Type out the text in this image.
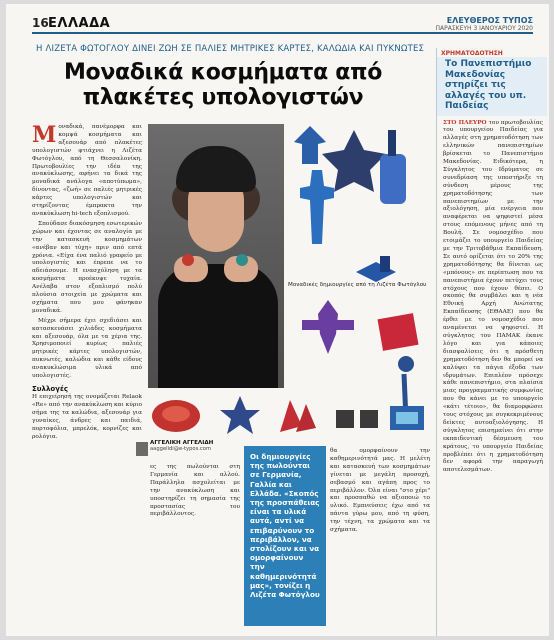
16 ΕΛΛΑΔΑ	ΕΛΕΥΘΕΡΟΣ ΤΥΠΟΣ
ΠΑΡΑΣΚΕΥΗ 3 ΙΑΝΟΥΑΡΙΟΥ 2020
Η ΛΙΖΕΤΑ ΦΩΤΟΓΛΟΥ ΔΙΝΕΙ ΖΩΗ ΣΕ ΠΑΛΙΕΣ ΜΗΤΡΙΚΕΣ ΚΑΡΤΕΣ, ΚΑΛΩΔΙΑ ΚΑΙ ΠΥΚΝΩΤΕΣ
Μοναδικά κοσμήματα από πλακέτες υπολογιστών

Μοναδικά, πανέμορφα και κομψά κοσμήματα και αξεσουάρ από πλακέτες υπολογιστών φτιάχνει η Λιζέτα Φωτόγλου, από τη Θεσσαλονίκη. Πρωτοβουλίες την ιδέα της ανακύκλωσης, αφήνει τα δικά της μοναδικά ανάλογα «αποτύπωμα», δίνοντας, «ζωή» σε παλιές μητρικές κάρτες υπολογιστών και στηρίζοντας έμπρακτα την ανακύκλωση hi-tech εξοπλισμού.

Σπούδασε διακόσμηση εσωτερικών χώρων και έχοντας σε αναλογία με την κατασκευή κοσμημάτων «ανέβαν και τύχη» πριν από επτά χρόνια. «Είχα ένα παλιό γραφείο με υπολογιστές και έπρεπε να το αδειάσουμε. Η ενασχόληση με τα κοσμήματα προέκυψε τυχαία. Ανέλαβα στον εξοπλισμό πολύ πλούσια στοιχεία με χρώματα και σχήματα που μου φάνηκαν μοναδικά.

Μέχρι σήμερα έχει σχεδιάσει και κατασκευάσει χιλιάδες κοσμήματα και αξεσουάρ, όλα με τα χέρια της. Χρησιμοποιεί κυρίως παλιές μητρικές κάρτες υπολογιστών, πυκνωτές, καλώδια και κάθε είδους ανακυκλώσιμα υλικά από υπολογιστές.

Συλλογές

Η επιχείρησή της ονομάζεται Relaok «Re» από την ανακύκλωση και κύριο σήμα της τα καλώδια, αξεσουάρ για γυναίκες, άνδρες και παιδιά, πορτοφόλια, μπρελόκ, κορνίζες και ρολόγια.

Μοναδικές δημιουργίες από τη Λιζέτα Φωτόγλου
ΑΓΓΕΛΙΚΗ ΑΓΓΕΛΙΔΗ
aaggelidi@e-typos.com

ες της πωλούνται στη Γερμανία και αλλού. Παράλληλα ασχολείται με την ανακύκλωση και υποστηρίζει τη σημασία της προστασίας του περιβάλλοντος.

Οι δημιουργίες της πωλούνται σε Γερμανία, Γαλλία και Ελλάδα. «Σκοπός της προσπάθειας είναι τα υλικά αυτά, αντί να επιβαρύνουν το περιβάλλον, να στολίζουν και να ομορφαίνουν την καθημερινότητά μας», τονίζει η Λιζέτα Φωτόγλου

θα ομορφαίνουν την καθημερινότητά μας. Η μελέτη και κατασκευή των κοσμημάτων γίνεται με μεγάλη προσοχή, σεβασμό και αγάπη προς το περιβάλλον. Όλα είναι "στο χέρι" και προσπαθώ να αξιοποιώ το υλικό. Εμπνεύσεις έχω από τα πάντα γύρω μου, από τη φύση, την τέχνη, τα χρώματα και τα σχήματα.

ΧΡΗΜΑΤΟΔΟΤΗΣΗ
Το Πανεπιστήμιο Μακεδονίας στηρίζει τις αλλαγές του υπ. Παιδείας
ΣΤΟ ΠΛΕΥΡΟ του πρωτοβουλίας του υπουργείου Παιδείας για αλλαγές στη χρηματοδότηση των ελληνικών πανεπιστημίων βρίσκεται το Πανεπιστήμιο Μακεδονίας. Ειδικότερα, η Σύγκλητος του Ιδρύματος σε συνεδρίαση της υποστήριξε τη σύνδεση μέρους της χρηματοδότησης των πανεπιστημίων με την αξιολόγηση, μία ενέργεια που αναφέρεται να ψηφιστεί μέσα στους επόμενους μήνες από τη Βουλή. Σε νομοσχέδιο που ετοιμάζει το υπουργείο Παιδείας με την Τριτοβάθμια Εκπαίδευση. Σε αυτό ορίζεται ότι το 20% της χρηματοδότησης θα δίνεται ως «μπόνους» σε περίπτωση που τα πανεπιστήμια έχουν πετύχει τους στόχους που έχουν θέσει. Ο σκοπός θα συμβάλει και η νέα Εθνική Αρχή Ανώτατης Εκπαίδευσης (ΕΘΑΑΕ) που θα έρθει με το νομοσχέδιο που αναμένεται να ψηφιστεί. Η σύγκλητος του ΠΑΜΑΚ έκανε λόγο και για κάποιες διασφαλίσεις ότι η πρόσθετη χρηματοδότηση δεν θα μπορεί να καλύψει τα πάγια έξοδα των ιδρυμάτων. Επιπλέον πρόσεχε κάθε πανεπιστήμιο, στα πλαίσια μιας προγραμματικής συμφωνίας που θα κάνει με το υπουργείο «κάτι τέτοιο», θα διαμορφώσει τους στόχους με συγκεκριμένους δείκτες αυτοαξιολόγησης. Η σύγκλητος επισημαίνει ότι στην εκπαιδευτική δέσμευση του κράτους, το υπουργείο Παιδείας προβλέπει ότι η χρηματοδότηση δεν αφορά την παραγωγή αποτελεσμάτων.
